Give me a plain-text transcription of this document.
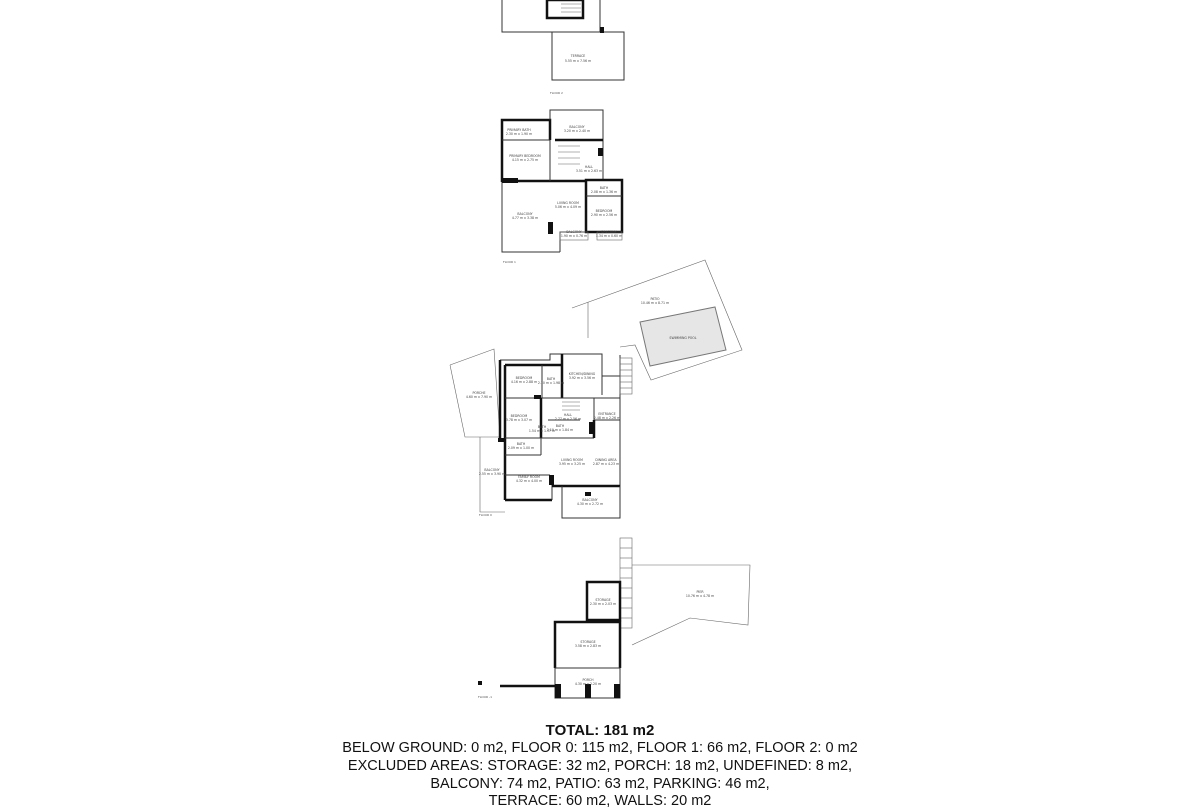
TERRACE
5.55 m x 7.56 m
FLOOR 2
PRIMARY BATH
2.30 m x 1.90 m
BALCONY
3.20 m x 2.40 m
PRIMARY BEDROOM
4.15 m x 2.75 m
HALL
3.51 m x 2.63 m
BATH
2.08 m x 1.36 m
LIVING ROOM
5.06 m x 4.09 m
BEDROOM
2.90 m x 2.56 m
BALCONY
4.77 m x 3.38 m
BALCONY
1.90 m x 0.76 m
BALCONY
1.34 m x 0.60 m
FLOOR 1
PATIO
10.46 m x 8.71 m
SWIMMING POOL
PORCHE
4.60 m x 7.90 m
BEDROOM
4.16 m x 2.88 m
BATH
2.10 m x 1.98 m
KITCHEN/DINING
3.92 m x 3.56 m
BEDROOM
3.78 m x 3.07 m
HALL
2.77 m x 2.56 m
ENTRANCE
2.48 m x 2.26 m
BATH
2.19 m x 1.84 m
BATH
1.54 m x 1.37 m
BATH
2.09 m x 1.00 m
BALCONY
2.55 m x 3.90 m
LIVING ROOM
3.95 m x 3.25 m
DINING AREA
2.87 m x 4.23 m
FAMILY ROOM
4.32 m x 4.00 m
BALCONY
4.30 m x 2.72 m
FLOOR 0
PIER
10.76 m x 4.78 m
STORAGE
2.30 m x 2.03 m
STORAGE
3.58 m x 2.83 m
PORCH
4.30 m x 2.20 m
FLOOR -1
TOTAL: 181 m2
BELOW GROUND: 0 m2, FLOOR 0: 115 m2, FLOOR 1: 66 m2, FLOOR 2: 0 m2
EXCLUDED AREAS: STORAGE: 32 m2, PORCH: 18 m2, UNDEFINED: 8 m2,
BALCONY: 74 m2, PATIO: 63 m2, PARKING: 46 m2,
TERRACE: 60 m2, WALLS: 20 m2
